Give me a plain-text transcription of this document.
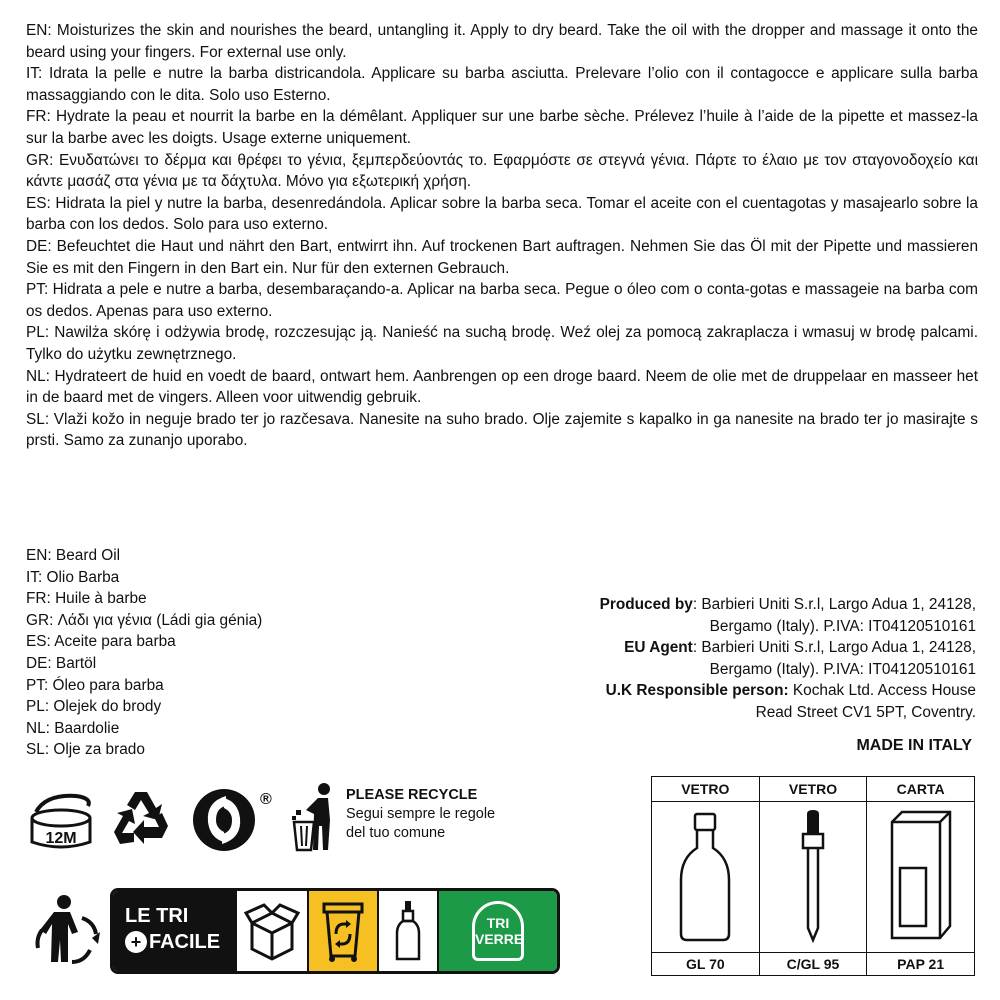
EN: Moisturizes the skin and nourishes the beard, untangling it. Apply to dry beard. Take the oil with the dropper and massage it onto the beard using your fingers. For external use only.

IT: Idrata la pelle e nutre la barba districandola. Applicare su barba asciutta. Prelevare l’olio con il contagocce e applicare sulla barba massaggiando con le dita. Solo uso Esterno.

FR: Hydrate la peau et nourrit la barbe en la démêlant. Appliquer sur une barbe sèche. Prélevez l’huile à l’aide de la pipette et massez-la sur la barbe avec les doigts. Usage externe uniquement.

GR: Ενυδατώνει το δέρμα και θρέφει το γένια, ξεμπερδεύοντάς το. Εφαρμόστε σε στεγνά γένια. Πάρτε το έλαιο με τον σταγονοδοχείο και κάντε μασάζ στα γένια με τα δάχτυλα. Μόνο για εξωτερική χρήση.

ES: Hidrata la piel y nutre la barba, desenredándola. Aplicar sobre la barba seca. Tomar el aceite con el cuentagotas y masajearlo sobre la barba con los dedos. Solo para uso externo.

DE: Befeuchtet die Haut und nährt den Bart, entwirrt ihn. Auf trockenen Bart auftragen. Nehmen Sie das Öl mit der Pipette und massieren Sie es mit den Fingern in den Bart ein. Nur für den externen Gebrauch.

PT: Hidrata a pele e nutre a barba, desembaraçando-a. Aplicar na barba seca. Pegue o óleo com o conta-gotas e massageie na barba com os dedos. Apenas para uso externo.

PL: Nawilża skórę i odżywia brodę, rozczesując ją. Nanieść na suchą brodę. Weź olej za pomocą zakraplacza i wmasuj w brodę palcami. Tylko do użytku zewnętrznego.

NL: Hydrateert de huid en voedt de baard, ontwart hem. Aanbrengen op een droge baard. Neem de olie met de druppelaar en masseer het in de baard met de vingers. Alleen voor uitwendig gebruik.

SL: Vlaži kožo in neguje brado ter jo razčesava. Nanesite na suho brado. Olje zajemite s kapalko in ga nanesite na brado ter jo masirajte s prsti. Samo za zunanjo uporabo.

EN: Beard Oil
IT: Olio Barba
FR: Huile à barbe
GR: Λάδι για γένια (Ládi gia génia)
ES: Aceite para barba
DE: Bartöl
PT: Óleo para barba
PL: Olejek do brody
NL: Baardolie
SL: Olje za brado
Produced by: Barbieri Uniti S.r.l, Largo Adua 1, 24128,
Bergamo (Italy). P.IVA: IT04120510161
EU Agent: Barbieri Uniti S.r.l, Largo Adua 1, 24128,
Bergamo (Italy). P.IVA: IT04120510161
U.K Responsible person: Kochak Ltd. Access House
Read Street CV1 5PT, Coventry.
MADE IN ITALY
12M
®	PLEASE RECYCLE
Segui sempre le regole
del tuo comune
LE TRI
+ FACILE
TRI
VERRE
VETRO	VETRO	CARTA

GL 70	C/GL 95	PAP 21
